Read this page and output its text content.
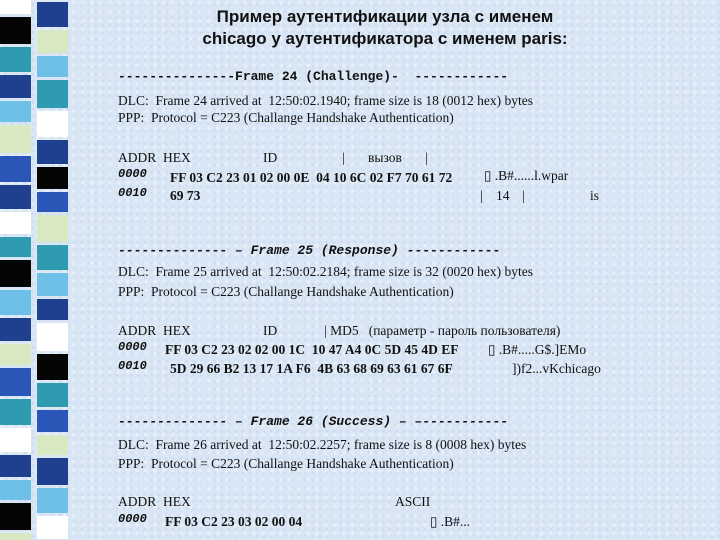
Пример аутентификации узла с именем
chicago у аутентификатора с именем paris:
---------------Frame 24 (Challenge)-  ------------
DLC:  Frame 24 arrived at  12:50:02.1940; frame size is 18 (0012 hex) bytes
PPP:  Protocol = C223 (Challange Handshake Authentication)
ADDR  HEX	ID	| вызов |
0000 FF 03 C2 23 01 02 00 0E  04 10 6C 02 F7 70 61 72 ▯ .B#......l.wpar
0010 69 73	| 14 |	is
-------------- – Frame 25 (Response) ------------
DLC:  Frame 25 arrived at  12:50:02.2184; frame size is 32 (0020 hex) bytes
PPP:  Protocol = C223 (Challange Handshake Authentication)
ADDR  HEX	ID	| MD5   (параметр - пароль пользователя)
0000 FF 03 C2 23 02 02 00 1C  10 47 A4 0C 5D 45 4D EF ▯ .B#.....G$.]EMo
0010 5D 29 66 B2 13 17 1A F6  4B 63 68 69 63 61 67 6F	])f2...vKchicago
-------------- – Frame 26 (Success) – –-----------
DLC:  Frame 26 arrived at  12:50:02.2257; frame size is 8 (0008 hex) bytes
PPP:  Protocol = C223 (Challange Handshake Authentication)
ADDR  HEX	ASCII
0000 FF 03 C2 23 03 02 00 04	▯ .B#...
